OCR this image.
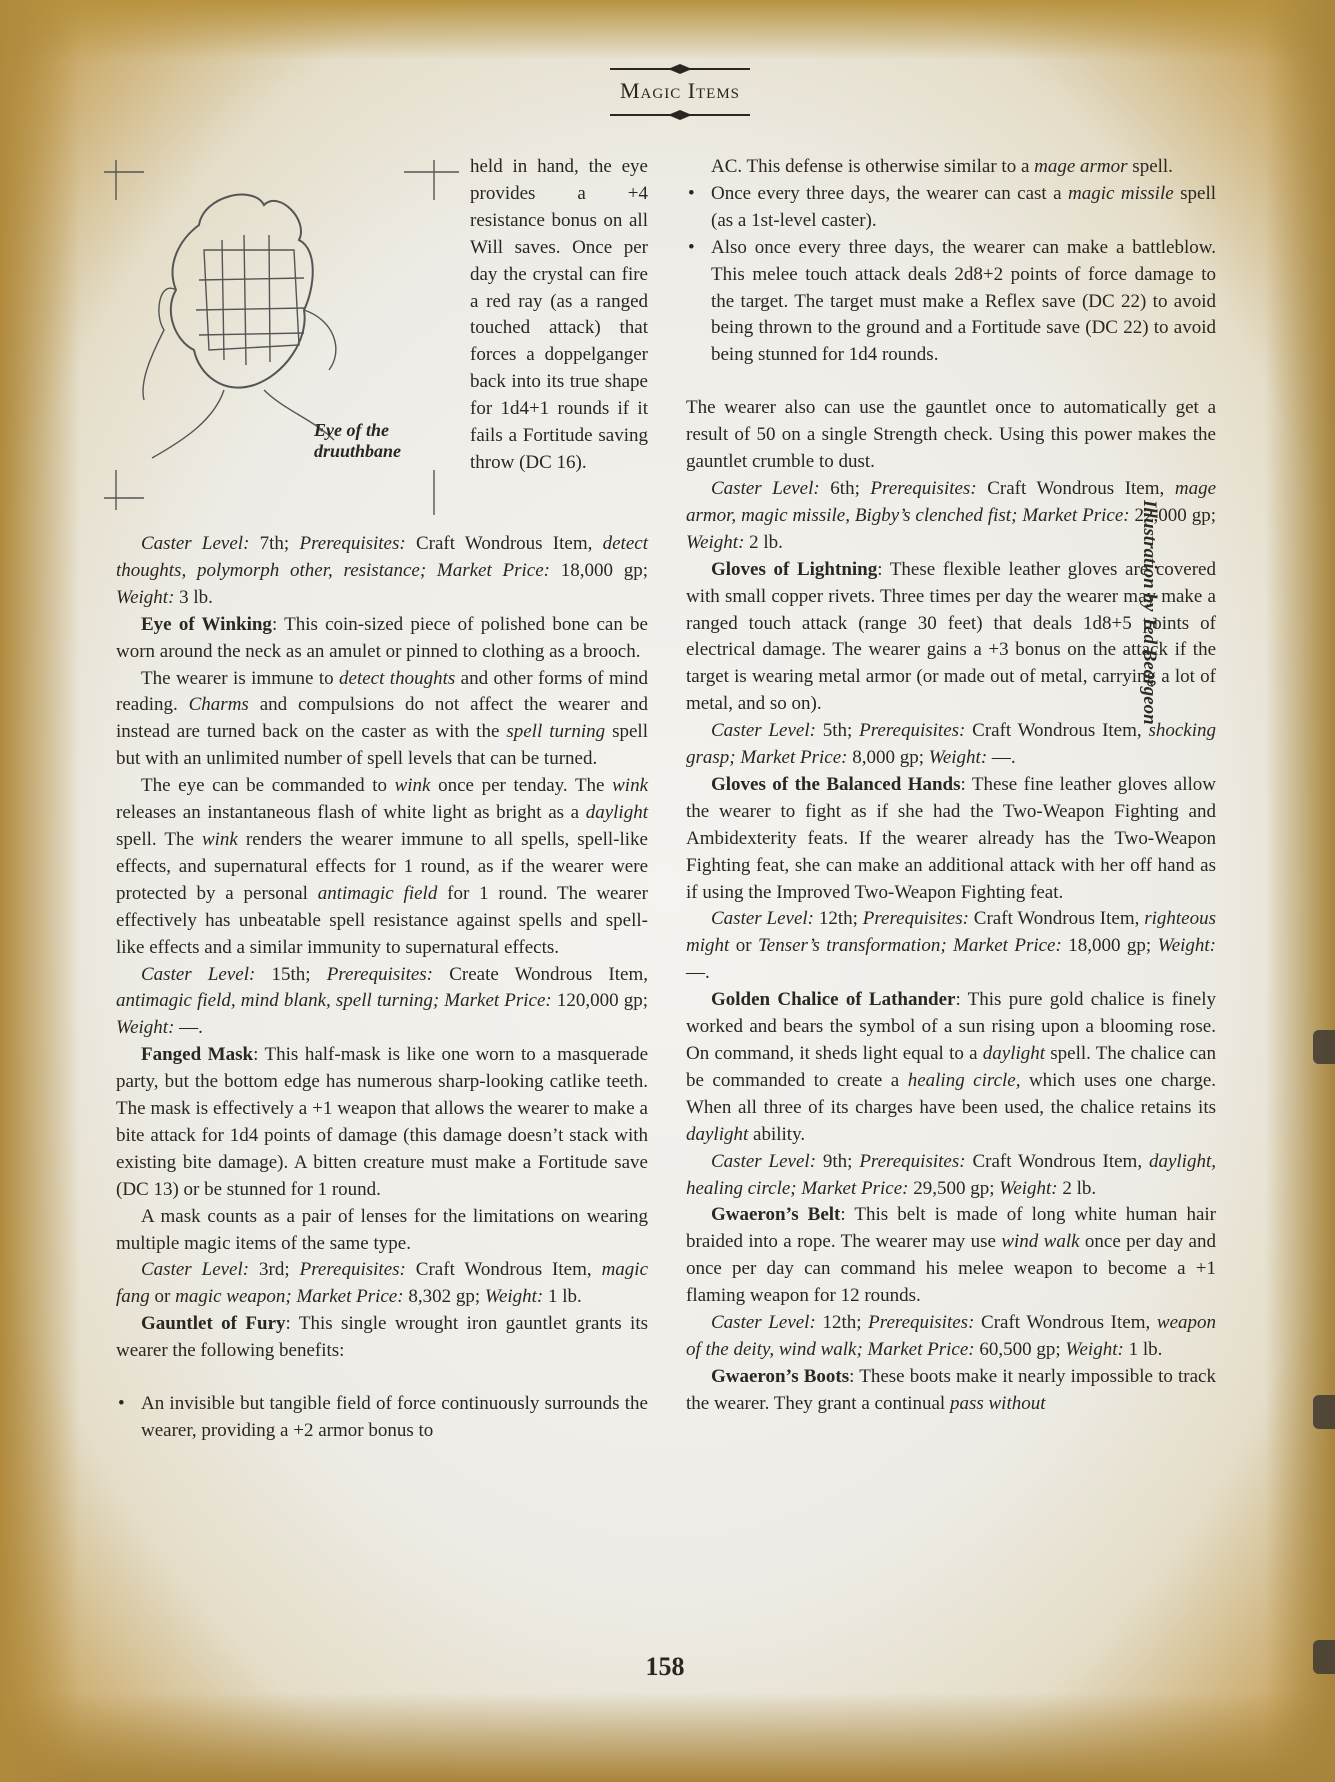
Magic Items
Eye of the
druuthbane
held in hand, the eye provides a +4 resistance bonus on all Will saves. Once per day the crystal can fire a red ray (as a ranged touched attack) that forces a doppelganger back into its true shape for 1d4+1 rounds if it fails a Fortitude saving throw (DC 16).

Caster Level: 7th; Prerequisites: Craft Wondrous Item, detect thoughts, polymorph other, resistance; Market Price: 18,000 gp; Weight: 3 lb.

Eye of Winking: This coin-sized piece of polished bone can be worn around the neck as an amulet or pinned to clothing as a brooch.

The wearer is immune to detect thoughts and other forms of mind reading. Charms and compulsions do not affect the wearer and instead are turned back on the caster as with the spell turning spell but with an unlimited number of spell levels that can be turned.

The eye can be commanded to wink once per tenday. The wink releases an instantaneous flash of white light as bright as a daylight spell. The wink renders the wearer immune to all spells, spell-like effects, and supernatural effects for 1 round, as if the wearer were protected by a personal antimagic field for 1 round. The wearer effectively has unbeatable spell resistance against spells and spell-like effects and a similar immunity to supernatural effects.

Caster Level: 15th; Prerequisites: Create Wondrous Item, antimagic field, mind blank, spell turning; Market Price: 120,000 gp; Weight: —.

Fanged Mask: This half-mask is like one worn to a masquerade party, but the bottom edge has numerous sharp-looking catlike teeth. The mask is effectively a +1 weapon that allows the wearer to make a bite attack for 1d4 points of damage (this damage doesn’t stack with existing bite damage). A bitten creature must make a Fortitude save (DC 13) or be stunned for 1 round.

A mask counts as a pair of lenses for the limitations on wearing multiple magic items of the same type.

Caster Level: 3rd; Prerequisites: Craft Wondrous Item, magic fang or magic weapon; Market Price: 8,302 gp; Weight: 1 lb.

Gauntlet of Fury: This single wrought iron gauntlet grants its wearer the following benefits:

• An invisible but tangible field of force continuously surrounds the wearer, providing a +2 armor bonus to

AC. This defense is otherwise similar to a mage armor spell.

• Once every three days, the wearer can cast a magic missile spell (as a 1st-level caster).
• Also once every three days, the wearer can make a battleblow. This melee touch attack deals 2d8+2 points of force damage to the target. The target must make a Reflex save (DC 22) to avoid being thrown to the ground and a Fortitude save (DC 22) to avoid being stunned for 1d4 rounds.

The wearer also can use the gauntlet once to automatically get a result of 50 on a single Strength check. Using this power makes the gauntlet crumble to dust.

Caster Level: 6th; Prerequisites: Craft Wondrous Item, mage armor, magic missile, Bigby’s clenched fist; Market Price: 22,000 gp; Weight: 2 lb.

Gloves of Lightning: These flexible leather gloves are covered with small copper rivets. Three times per day the wearer may make a ranged touch attack (range 30 feet) that deals 1d8+5 points of electrical damage. The wearer gains a +3 bonus on the attack if the target is wearing metal armor (or made out of metal, carrying a lot of metal, and so on).

Caster Level: 5th; Prerequisites: Craft Wondrous Item, shocking grasp; Market Price: 8,000 gp; Weight: —.

Gloves of the Balanced Hands: These fine leather gloves allow the wearer to fight as if she had the Two-Weapon Fighting and Ambidexterity feats. If the wearer already has the Two-Weapon Fighting feat, she can make an additional attack with her off hand as if using the Improved Two-Weapon Fighting feat.

Caster Level: 12th; Prerequisites: Craft Wondrous Item, righteous might or Tenser’s transformation; Market Price: 18,000 gp; Weight: —.

Golden Chalice of Lathander: This pure gold chalice is finely worked and bears the symbol of a sun rising upon a blooming rose. On command, it sheds light equal to a daylight spell. The chalice can be commanded to create a healing circle, which uses one charge. When all three of its charges have been used, the chalice retains its daylight ability.

Caster Level: 9th; Prerequisites: Craft Wondrous Item, daylight, healing circle; Market Price: 29,500 gp; Weight: 2 lb.

Gwaeron’s Belt: This belt is made of long white human hair braided into a rope. The wearer may use wind walk once per day and once per day can command his melee weapon to become a +1 flaming weapon for 12 rounds.

Caster Level: 12th; Prerequisites: Craft Wondrous Item, weapon of the deity, wind walk; Market Price: 60,500 gp; Weight: 1 lb.

Gwaeron’s Boots: These boots make it nearly impossible to track the wearer. They grant a continual pass without

Illustration by Ted Beargeon
158
